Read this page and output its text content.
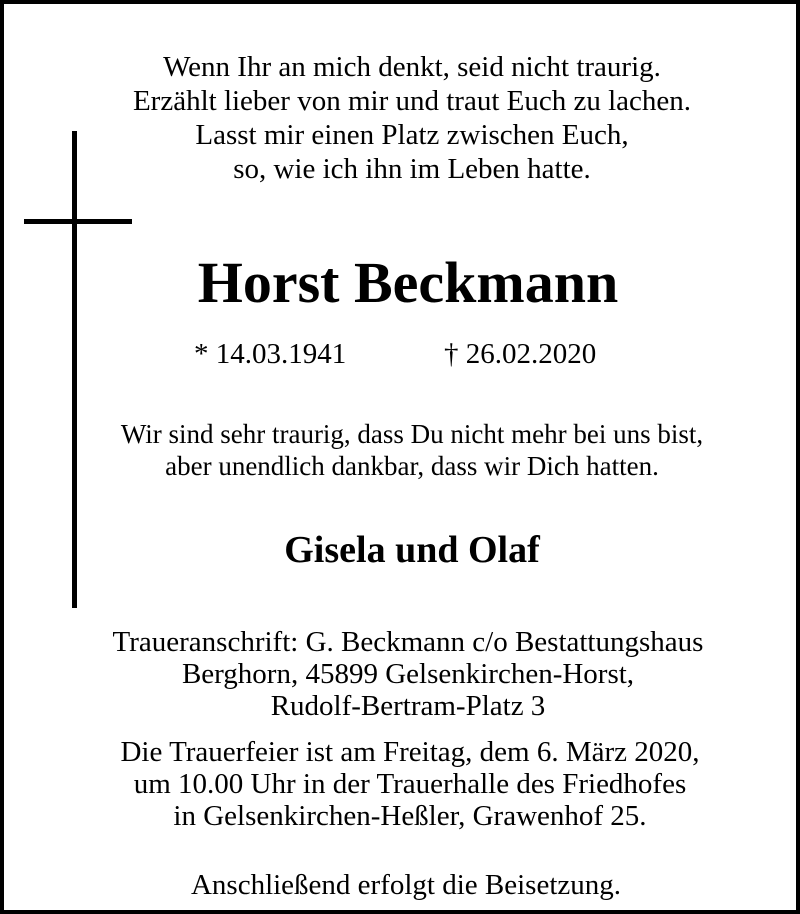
Wenn Ihr an mich denkt, seid nicht traurig.
Erzählt lieber von mir und traut Euch zu lachen.
Lasst mir einen Platz zwischen Euch,
so, wie ich ihn im Leben hatte.
Horst Beckmann
* 14.03.1941	† 26.02.2020
Wir sind sehr traurig, dass Du nicht mehr bei uns bist,
aber unendlich dankbar, dass wir Dich hatten.
Gisela und Olaf
Traueranschrift: G. Beckmann c/o Bestattungshaus
Berghorn, 45899 Gelsenkirchen-Horst,
Rudolf-Bertram-Platz 3
Die Trauerfeier ist am Freitag, dem 6. März 2020,
um 10.00 Uhr in der Trauerhalle des Friedhofes
in Gelsenkirchen-Heßler, Grawenhof 25.
Anschließend erfolgt die Beisetzung.
